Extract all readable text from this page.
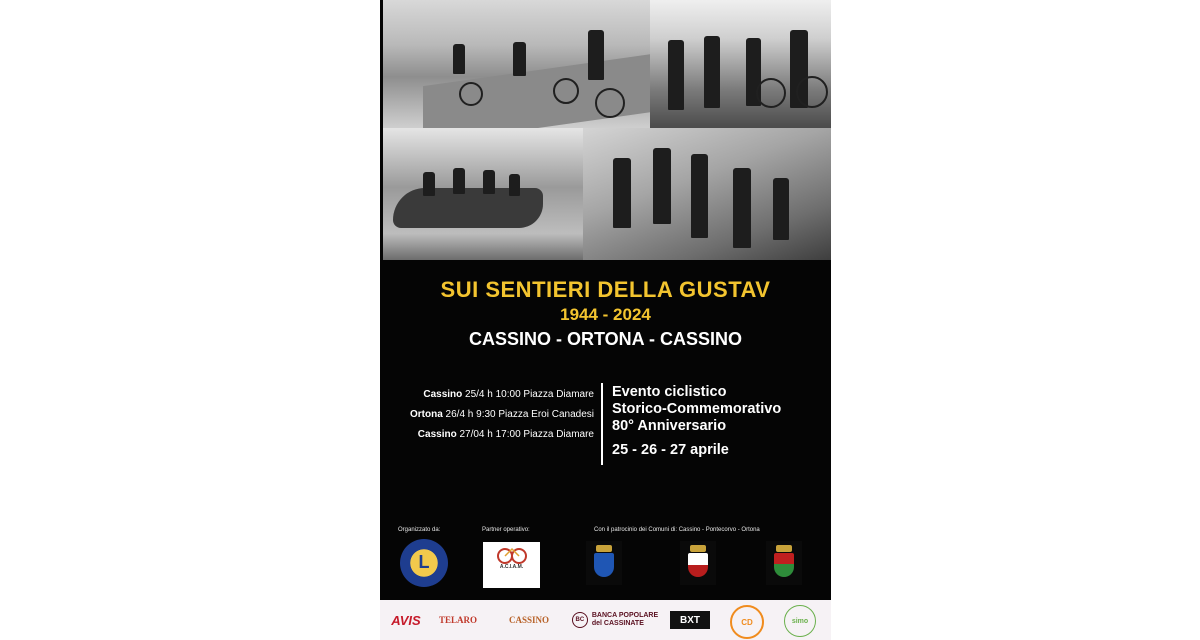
SUI SENTIERI DELLA GUSTAV
1944 - 2024
CASSINO - ORTONA - CASSINO
Cassino 25/4 h 10:00 Piazza Diamare
Ortona 26/4 h 9:30 Piazza Eroi Canadesi
Cassino 27/04 h 17:00 Piazza Diamare
Evento ciclistico
Storico-Commemorativo
80° Anniversario
25 - 26 - 27 aprile
Organizzato da:	Partner operativo:	Con il patrocinio dei Comuni di: Cassino - Pontecorvo - Ortona
L	A.C.I.A.M.
AVIS	TELARO	CASSINO	BC
BANCA POPOLARE
del CASSINATE	BXT	CD	simo
